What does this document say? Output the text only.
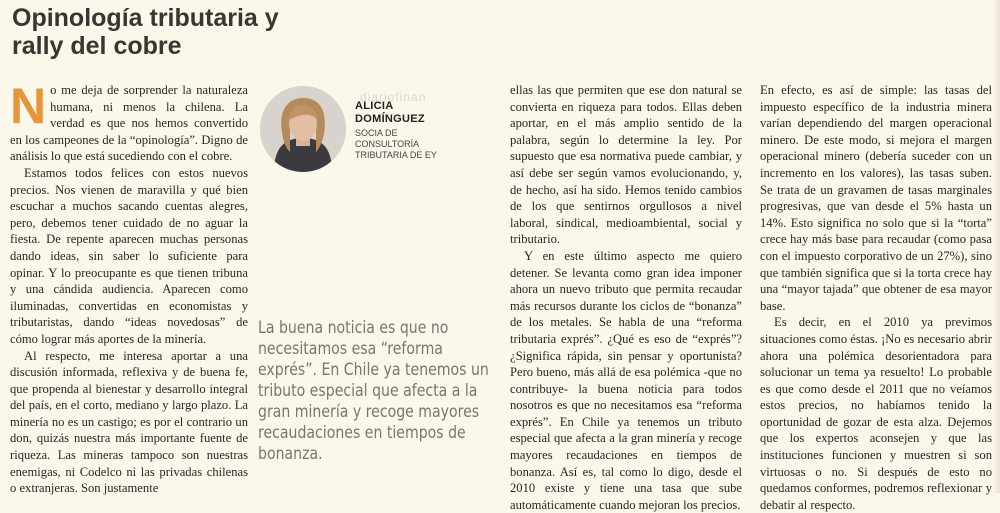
Opinología tributaria y
rally del cobre
diariofinan

No me deja de sorprender la naturaleza humana, ni menos la chilena. La verdad es que nos hemos convertido en los campeones de la “opinología”. Digno de análisis lo que está sucediendo con el cobre.

Estamos todos felices con estos nuevos precios. Nos vienen de maravilla y qué bien escuchar a muchos sacando cuentas alegres, pero, debemos tener cuidado de no aguar la fiesta. De repente aparecen muchas personas dando ideas, sin saber lo suficiente para opinar. Y lo preocupante es que tienen tribuna y una cándida audiencia. Aparecen como iluminadas, convertidas en economistas y tributaristas, dando “ideas novedosas” de cómo lograr más aportes de la minería.

Al respecto, me interesa aportar a una discusión informada, reflexiva y de buena fe, que propenda al bienestar y desarrollo integral del país, en el corto, mediano y largo plazo. La minería no es un castigo; es por el contrario un don, quizás nuestra más importante fuente de riqueza. Las mineras tampoco son nuestras enemigas, ni Codelco ni las privadas chilenas o extranjeras. Son justamente

ALICIA
DOMÍNGUEZ
SOCIA DE
CONSULTORÍA
TRIBUTARIA DE EY
La buena noticia es que no necesitamos esa “reforma exprés”. En Chile ya tenemos un tributo especial que afecta a la gran minería y recoge mayores recaudaciones en tiempos de bonanza.

ellas las que permiten que ese don natural se convierta en riqueza para todos. Ellas deben aportar, en el más amplio sentido de la palabra, según lo determine la ley. Por supuesto que esa normativa puede cambiar, y así debe ser según vamos evolucionando, y, de hecho, así ha sido. Hemos tenido cambios de los que sentirnos orgullosos a nivel laboral, sindical, medioambiental, social y tributario.

Y en este último aspecto me quiero detener. Se levanta como gran idea imponer ahora un nuevo tributo que permita recaudar más recursos durante los ciclos de “bonanza” de los metales. Se habla de una “reforma tributaria exprés”. ¿Qué es eso de “exprés”? ¿Significa rápida, sin pensar y oportunista? Pero bueno, más allá de esa polémica -que no contribuye- la buena noticia para todos nosotros es que no necesitamos esa “reforma exprés”. En Chile ya tenemos un tributo especial que afecta a la gran minería y recoge mayores recaudaciones en tiempos de bonanza. Así es, tal como lo digo, desde el 2010 existe y tiene una tasa que sube automáticamente cuando mejoran los precios.

En efecto, es así de simple: las tasas del impuesto específico de la industria minera varían dependiendo del margen operacional minero. De este modo, si mejora el margen operacional minero (debería suceder con un incremento en los valores), las tasas suben. Se trata de un gravamen de tasas marginales progresivas, que van desde el 5% hasta un 14%. Esto significa no solo que si la “torta” crece hay más base para recaudar (como pasa con el impuesto corporativo de un 27%), sino que también significa que si la torta crece hay una “mayor tajada” que obtener de esa mayor base.

Es decir, en el 2010 ya previmos situaciones como éstas. ¡No es necesario abrir ahora una polémica desorientadora para solucionar un tema ya resuelto! Lo probable es que como desde el 2011 que no veíamos estos precios, no habíamos tenido la oportunidad de gozar de esta alza. Dejemos que los expertos aconsejen y que las instituciones funcionen y muestren si son virtuosas o no. Si después de esto no quedamos conformes, podremos reflexionar y debatir al respecto.
